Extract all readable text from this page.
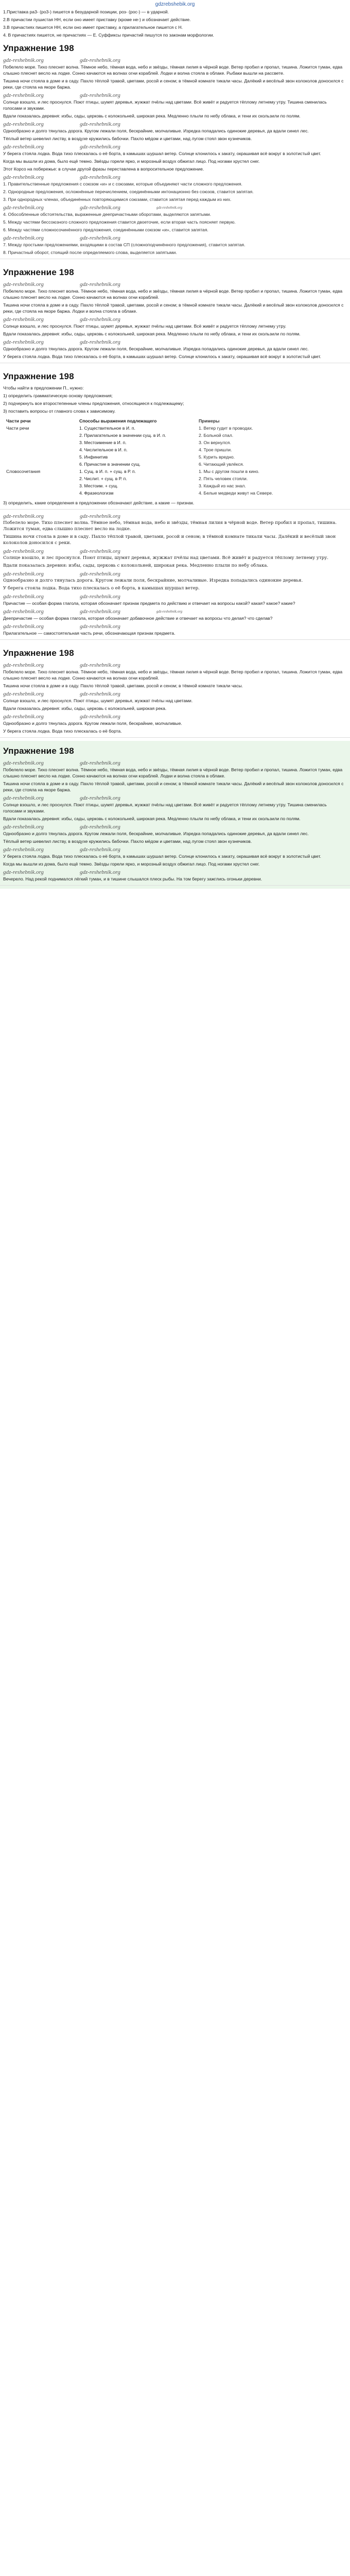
gdzrebshebik.org
1.Приставка pa3- (po3-) пишется в безударной позиции, роз- (рос-) — в ударной.
2.В причастии пушистая НН, если оно имеет приставку (кроме не-) и обозначает действие.
3.В причастиях пишется НН, если оно имеет приставку, а прилагательное пишется с Н.
4. В причастиях пишется, не причастиях — Е. Суффиксы причастий пишутся по законам морфологии.
Упражнение 198
gdz-reshebnik.org	gdz-reshebnik.org
Побелело море. Тихо плеснет волна. Тёмное небо, тёмная вода, небо и звёзды, тёмная лилия в чёрной воде. Ветер пробил и пропал, тишина. Ложится туман, едва слышно плеснет весло на лодке. Сонно качаются на волнах огни кораблей. Лодки и волна стояла в облаке. Рыбаки вышли на рассвете.
Тишина ночи стояла в доме и в саду. Пахло тёплой травой, цветами, росой и сеном; в тёмной комнате тикали часы. Далёкий и весёлый звон колоколов доносился с реки, где стояла на якоре баржа.
gdz-reshebnik.org	gdz-reshebnik.org
Солнце взошло, и лес проснулся. Поют птицы, шумят деревья, жужжат пчёлы над цветами. Всё живёт и радуется тёплому летнему утру. Тишина сменилась голосами и звуками.
Вдали показалась деревня: избы, сады, церковь с колокольней, широкая река. Медленно плыли по небу облака, и тени их скользили по полям.
gdz-reshebnik.org	gdz-reshebnik.org
Однообразно и долго тянулась дорога. Кругом лежали поля, бескрайние, молчаливые. Изредка попадались одинокие деревья, да вдали синел лес.
Тёплый ветер шевелил листву, в воздухе кружились бабочки. Пахло мёдом и цветами, над лугом стоял звон кузнечиков.
gdz-reshebnik.org	gdz-reshebnik.org
У берега стояла лодка. Вода тихо плескалась о её борта, в камышах шуршал ветер. Солнце клонилось к закату, окрашивая всё вокруг в золотистый цвет.
Когда мы вышли из дома, было ещё темно. Звёзды горели ярко, и морозный воздух обжигал лицо. Под ногами хрустел снег.
Этот Корсо на побережье: в случае другой фразы переставлена в вопросительное предложение.
gdz-reshebnik.org	gdz-reshebnik.org
1. Правительственные предложения с союзом «и» и с союзами, которые объединяют части сложного предложения.
2. Однородные предложения, осложнённые перечислением, соединёнными интонационно без союзов, ставится запятая.
3. При однородных членах, объединённых повторяющимися союзами, ставится запятая перед каждым из них.
gdz-reshebnik.org	gdz-reshebnik.org	$^{gdz-reshebnik.org}$
4. Обособленные обстоятельства, выраженные деепричастными оборотами, выделяются запятыми.
5. Между частями бессоюзного сложного предложения ставится двоеточие, если вторая часть поясняет первую.
6. Между частями сложносочинённого предложения, соединёнными союзом «и», ставится запятая.
gdz-reshebnik.org	gdz-reshebnik.org
7. Между простыми предложениями, входящими в состав СП (сложноподчинённого предложения), ставится запятая.
8. Причастный оборот, стоящий после определяемого слова, выделяется запятыми.
Упражнение 198
gdz-reshebnik.org	gdz-reshebnik.org
Побелело море. Тихо плеснет волна. Тёмное небо, тёмная вода, небо и звёзды, тёмная лилия в чёрной воде. Ветер пробил и пропал, тишина. Ложится туман, едва слышно плеснет весло на лодке. Сонно качаются на волнах огни кораблей.
Тишина ночи стояла в доме и в саду. Пахло тёплой травой, цветами, росой и сеном; в тёмной комнате тикали часы. Далёкий и весёлый звон колоколов доносился с реки, где стояла на якоре баржа. Лодки и волна стояла в облаке.
gdz-reshebnik.org	gdz-reshebnik.org
Солнце взошло, и лес проснулся. Поют птицы, шумят деревья, жужжат пчёлы над цветами. Всё живёт и радуется тёплому летнему утру.
Вдали показалась деревня: избы, сады, церковь с колокольней, широкая река. Медленно плыли по небу облака, и тени их скользили по полям.
gdz-reshebnik.org	gdz-reshebnik.org
Однообразно и долго тянулась дорога. Кругом лежали поля, бескрайние, молчаливые. Изредка попадались одинокие деревья, да вдали синел лес.
У берега стояла лодка. Вода тихо плескалась о её борта, в камышах шуршал ветер. Солнце клонилось к закату, окрашивая всё вокруг в золотистый цвет.
Упражнение 198
Чтобы найти в предложении П., нужно:
1) определить грамматическую основу предложения;
2) подчеркнуть все второстепенные члены предложения, относящиеся к подлежащему;
3) поставить вопросы от главного слова к зависимому.
Части речи	Способы выражения подлежащего	Примеры
Части речи	1. Существительное в И. п.	1. Ветер гудит в проводах.
	2. Прилагательное в значении сущ. в И. п.	2. Больной спал.
	3. Местоимение в И. п.	3. Он вернулся.
	4. Числительное в И. п.	4. Трое пришли.
	5. Инфинитив	5. Курить вредно.
	6. Причастие в значении сущ.	6. Читающий увлёкся.
Словосочетания	1. Сущ. в И. п. + сущ. в Р. п.	1. Мы с другом пошли в кино.
	2. Числит. + сущ. в Р. п.	2. Пять человек стояли.
	3. Местоим. + сущ.	3. Каждый из нас знал.
	4. Фразеологизм	4. Белые медведи живут на Севере.
3) определить, какие определения в предложении обозначают действие, а какие — признак.
gdz-reshebnik.org	gdz-reshebnik.org
Побелело море. Тихо плеснет волна. Тёмное небо, тёмная вода, небо и звёзды, тёмная лилия в чёрной воде. Ветер пробил и пропал, тишина. Ложится туман, едва слышно плеснет весло на лодке.
Тишина ночи стояла в доме и в саду. Пахло тёплой травой, цветами, росой и сеном; в тёмной комнате тикали часы. Далёкий и весёлый звон колоколов доносился с реки.
gdz-reshebnik.org	gdz-reshebnik.org
Солнце взошло, и лес проснулся. Поют птицы, шумят деревья, жужжат пчёлы над цветами. Всё живёт и радуется тёплому летнему утру.
Вдали показалась деревня: избы, сады, церковь с колокольней, широкая река. Медленно плыли по небу облака.
gdz-reshebnik.org	gdz-reshebnik.org
Однообразно и долго тянулась дорога. Кругом лежали поля, бескрайние, молчаливые. Изредка попадались одинокие деревья.
У берега стояла лодка. Вода тихо плескалась о её борта, в камышах шуршал ветер.
gdz-reshebnik.org	gdz-reshebnik.org
Причастие — особая форма глагола, которая обозначает признак предмета по действию и отвечает на вопросы какой? какая? какое? какие?
gdz-reshebnik.org	gdz-reshebnik.org	$^{gdz-reshebnik.org}$
Деепричастие — особая форма глагола, которая обозначает добавочное действие и отвечает на вопросы что делая? что сделав?
gdz-reshebnik.org	gdz-reshebnik.org
Прилагательное — самостоятельная часть речи, обозначающая признак предмета.
Упражнение 198
gdz-reshebnik.org	gdz-reshebnik.org
Побелело море. Тихо плеснет волна. Тёмное небо, тёмная вода, небо и звёзды, тёмная лилия в чёрной воде. Ветер пробил и пропал, тишина. Ложится туман, едва слышно плеснет весло на лодке. Сонно качаются на волнах огни кораблей.
Тишина ночи стояла в доме и в саду. Пахло тёплой травой, цветами, росой и сеном; в тёмной комнате тикали часы.
gdz-reshebnik.org	gdz-reshebnik.org
Солнце взошло, и лес проснулся. Поют птицы, шумят деревья, жужжат пчёлы над цветами.
Вдали показалась деревня: избы, сады, церковь с колокольней, широкая река.
gdz-reshebnik.org	gdz-reshebnik.org
Однообразно и долго тянулась дорога. Кругом лежали поля, бескрайние, молчаливые.
У берега стояла лодка. Вода тихо плескалась о её борта.
Упражнение 198
gdz-reshebnik.org	gdz-reshebnik.org
Побелело море. Тихо плеснет волна. Тёмное небо, тёмная вода, небо и звёзды, тёмная лилия в чёрной воде. Ветер пробил и пропал, тишина. Ложится туман, едва слышно плеснет весло на лодке. Сонно качаются на волнах огни кораблей. Лодки и волна стояла в облаке.
Тишина ночи стояла в доме и в саду. Пахло тёплой травой, цветами, росой и сеном; в тёмной комнате тикали часы. Далёкий и весёлый звон колоколов доносился с реки, где стояла на якоре баржа.
gdz-reshebnik.org	gdz-reshebnik.org
Солнце взошло, и лес проснулся. Поют птицы, шумят деревья, жужжат пчёлы над цветами. Всё живёт и радуется тёплому летнему утру. Тишина сменилась голосами и звуками.
Вдали показалась деревня: избы, сады, церковь с колокольней, широкая река. Медленно плыли по небу облака, и тени их скользили по полям.
gdz-reshebnik.org	gdz-reshebnik.org
Однообразно и долго тянулась дорога. Кругом лежали поля, бескрайние, молчаливые. Изредка попадались одинокие деревья, да вдали синел лес.
Тёплый ветер шевелил листву, в воздухе кружились бабочки. Пахло мёдом и цветами, над лугом стоял звон кузнечиков.
gdz-reshebnik.org	gdz-reshebnik.org
У берега стояла лодка. Вода тихо плескалась о её борта, в камышах шуршал ветер. Солнце клонилось к закату, окрашивая всё вокруг в золотистый цвет.
Когда мы вышли из дома, было ещё темно. Звёзды горели ярко, и морозный воздух обжигал лицо. Под ногами хрустел снег.
gdz-reshebnik.org	gdz-reshebnik.org
Вечерело. Над рекой поднимался лёгкий туман, и в тишине слышался плеск рыбы. На том берегу зажглись огоньки деревни.
